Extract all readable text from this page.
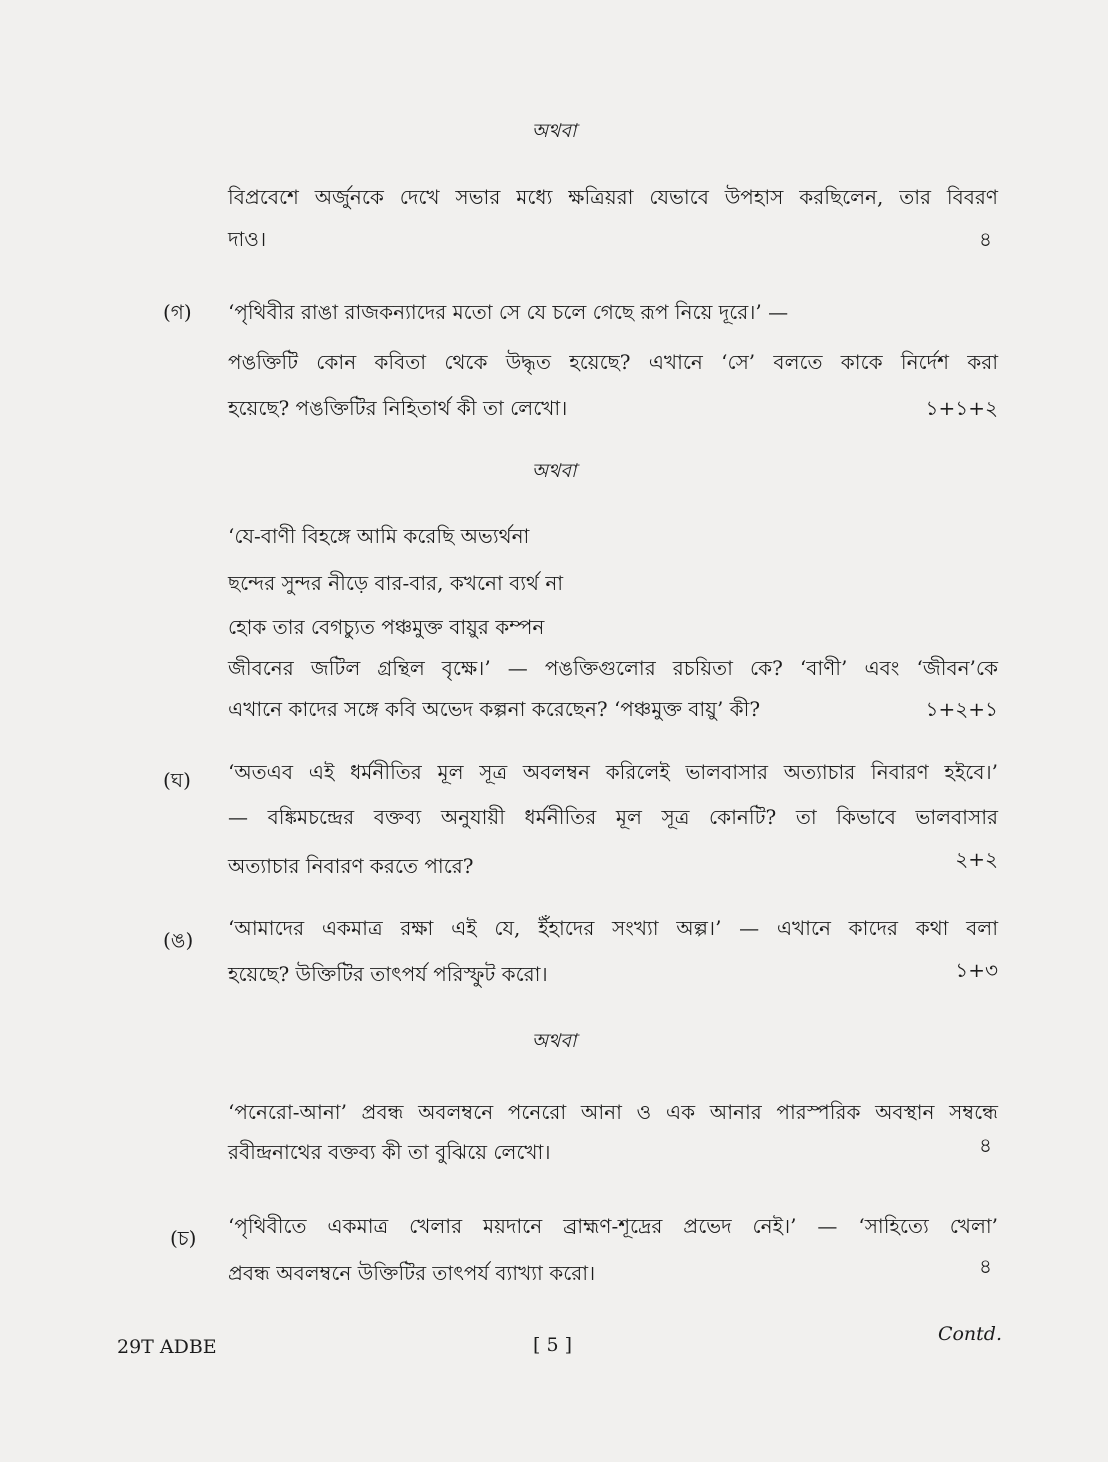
অথবা
বিপ্রবেশে অর্জুনকে দেখে সভার মধ্যে ক্ষত্রিয়রা যেভাবে উপহাস করছিলেন, তার বিবরণ
দাও।	৪
(গ) ‘পৃথিবীর রাঙা রাজকন্যাদের মতো সে যে চলে গেছে রূপ নিয়ে দূরে।’ —
পঙক্তিটি কোন কবিতা থেকে উদ্ধৃত হয়েছে? এখানে ‘সে’ বলতে কাকে নির্দেশ করা
হয়েছে? পঙক্তিটির নিহিতার্থ কী তা লেখো।	১+১+২
অথবা
‘যে-বাণী বিহঙ্গে আমি করেছি অভ্যর্থনা
ছন্দের সুন্দর নীড়ে বার-বার, কখনো ব্যর্থ না
হোক তার বেগচ্যুত পঞ্চমুক্ত বায়ুর কম্পন
জীবনের জটিল গ্রন্থিল বৃক্ষে।’ — পঙক্তিগুলোর রচয়িতা কে? ‘বাণী’ এবং ‘জীবন’কে
এখানে কাদের সঙ্গে কবি অভেদ কল্পনা করেছেন? ‘পঞ্চমুক্ত বায়ু’ কী?	১+২+১
(ঘ) ‘অতএব এই ধর্মনীতির মূল সূত্র অবলম্বন করিলেই ভালবাসার অত্যাচার নিবারণ হইবে।’
— বঙ্কিমচন্দ্রের বক্তব্য অনুযায়ী ধর্মনীতির মূল সূত্র কোনটি? তা কিভাবে ভালবাসার
অত্যাচার নিবারণ করতে পারে?	২+২
(ঙ) ‘আমাদের একমাত্র রক্ষা এই যে, ইঁহাদের সংখ্যা অল্প।’ — এখানে কাদের কথা বলা
হয়েছে? উক্তিটির তাৎপর্য পরিস্ফুট করো।	১+৩
অথবা
‘পনেরো-আনা’ প্রবন্ধ অবলম্বনে পনেরো আনা ও এক আনার পারস্পরিক অবস্থান সম্বন্ধে
রবীন্দ্রনাথের বক্তব্য কী তা বুঝিয়ে লেখো।	৪
(চ) ‘পৃথিবীতে একমাত্র খেলার ময়দানে ব্রাহ্মণ-শূদ্রের প্রভেদ নেই।’ — ‘সাহিত্যে খেলা’
প্রবন্ধ অবলম্বনে উক্তিটির তাৎপর্য ব্যাখ্যা করো।	৪
29T ADBE	[ 5 ]	Contd.
